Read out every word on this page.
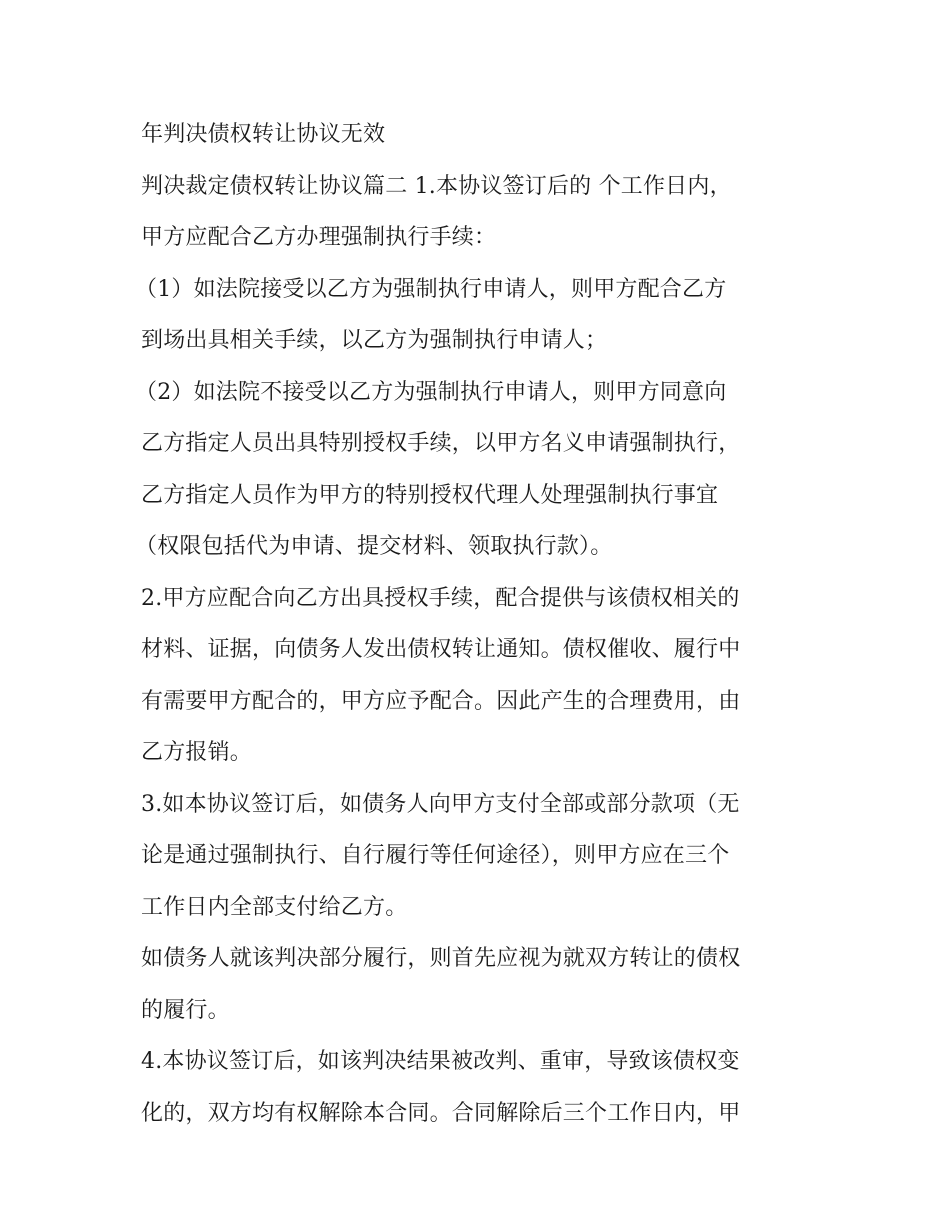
年判决债权转让协议无效
判决裁定债权转让协议篇二 1.本协议签订后的 个工作日内，
甲方应配合乙方办理强制执行手续：
（1）如法院接受以乙方为强制执行申请人，则甲方配合乙方
到场出具相关手续，以乙方为强制执行申请人；
（2）如法院不接受以乙方为强制执行申请人，则甲方同意向
乙方指定人员出具特别授权手续，以甲方名义申请强制执行，
乙方指定人员作为甲方的特别授权代理人处理强制执行事宜
（权限包括代为申请、提交材料、领取执行款）。
2.甲方应配合向乙方出具授权手续，配合提供与该债权相关的
材料、证据，向债务人发出债权转让通知。债权催收、履行中
有需要甲方配合的，甲方应予配合。因此产生的合理费用，由
乙方报销。
3.如本协议签订后，如债务人向甲方支付全部或部分款项（无
论是通过强制执行、自行履行等任何途径），则甲方应在三个
工作日内全部支付给乙方。
如债务人就该判决部分履行，则首先应视为就双方转让的债权
的履行。
4.本协议签订后，如该判决结果被改判、重审，导致该债权变
化的，双方均有权解除本合同。合同解除后三个工作日内，甲
